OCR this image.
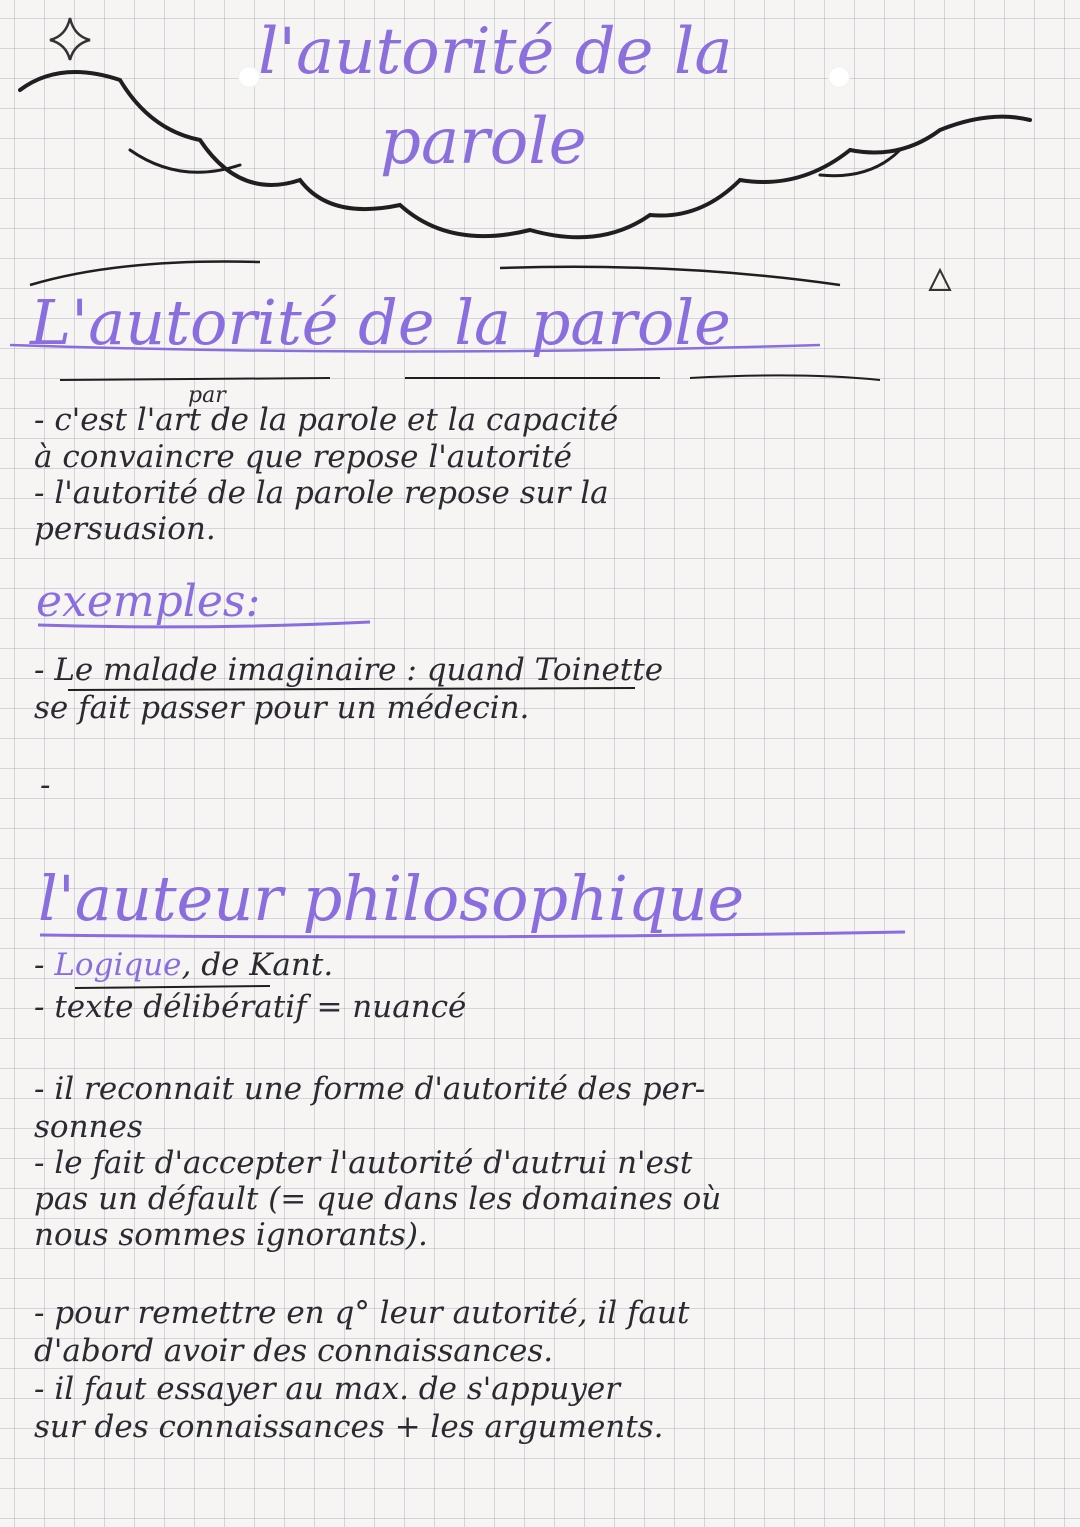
l'autorité de la
parole
L'autorité de la parole
par
- c'est l'art de la parole et la capacité
à convaincre que repose l'autorité
- l'autorité de la parole repose sur la
persuasion.
exemples:
- Le malade imaginaire : quand Toinette
se fait passer pour un médecin.
-
l'auteur philosophique
- Logique, de Kant.
- texte délibératif = nuancé
- il reconnait une forme d'autorité des per-
sonnes
- le fait d'accepter l'autorité d'autrui n'est
pas un défault (= que dans les domaines où
nous sommes ignorants).
- pour remettre en q° leur autorité, il faut
d'abord avoir des connaissances.
- il faut essayer au max. de s'appuyer
sur des connaissances + les arguments.
